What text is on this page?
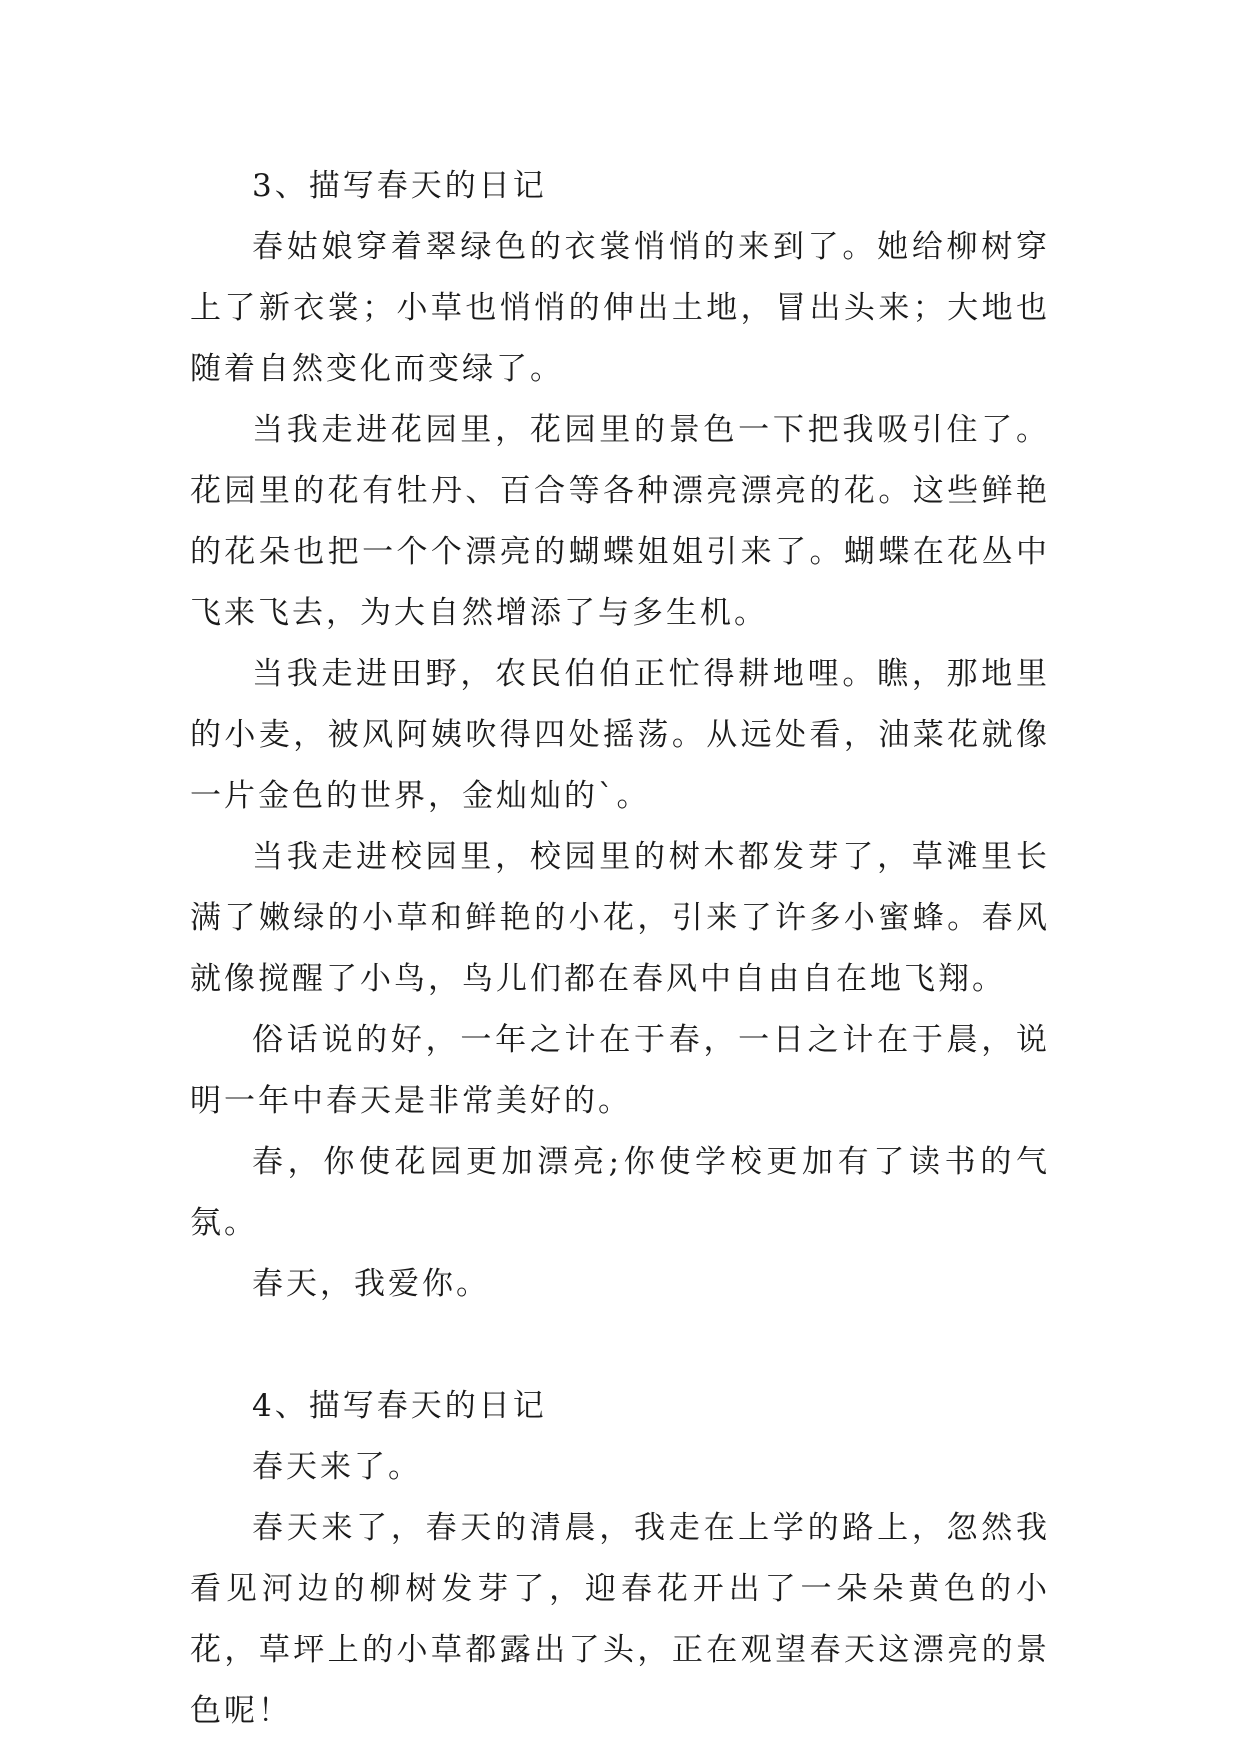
3、描写春天的日记

春姑娘穿着翠绿色的衣裳悄悄的来到了。她给柳树穿上了新衣裳；小草也悄悄的伸出土地，冒出头来；大地也随着自然变化而变绿了。

当我走进花园里，花园里的景色一下把我吸引住了。花园里的花有牡丹、百合等各种漂亮漂亮的花。这些鲜艳的花朵也把一个个漂亮的蝴蝶姐姐引来了。蝴蝶在花丛中飞来飞去，为大自然增添了与多生机。

当我走进田野，农民伯伯正忙得耕地哩。瞧，那地里的小麦，被风阿姨吹得四处摇荡。从远处看，油菜花就像一片金色的世界，金灿灿的`。

当我走进校园里，校园里的树木都发芽了，草滩里长满了嫩绿的小草和鲜艳的小花，引来了许多小蜜蜂。春风就像搅醒了小鸟，鸟儿们都在春风中自由自在地飞翔。

俗话说的好，一年之计在于春，一日之计在于晨，说明一年中春天是非常美好的。

春，你使花园更加漂亮;你使学校更加有了读书的气氛。

春天，我爱你。

4、描写春天的日记

春天来了。

春天来了，春天的清晨，我走在上学的路上，忽然我看见河边的柳树发芽了，迎春花开出了一朵朵黄色的小花，草坪上的小草都露出了头，正在观望春天这漂亮的景色呢！
